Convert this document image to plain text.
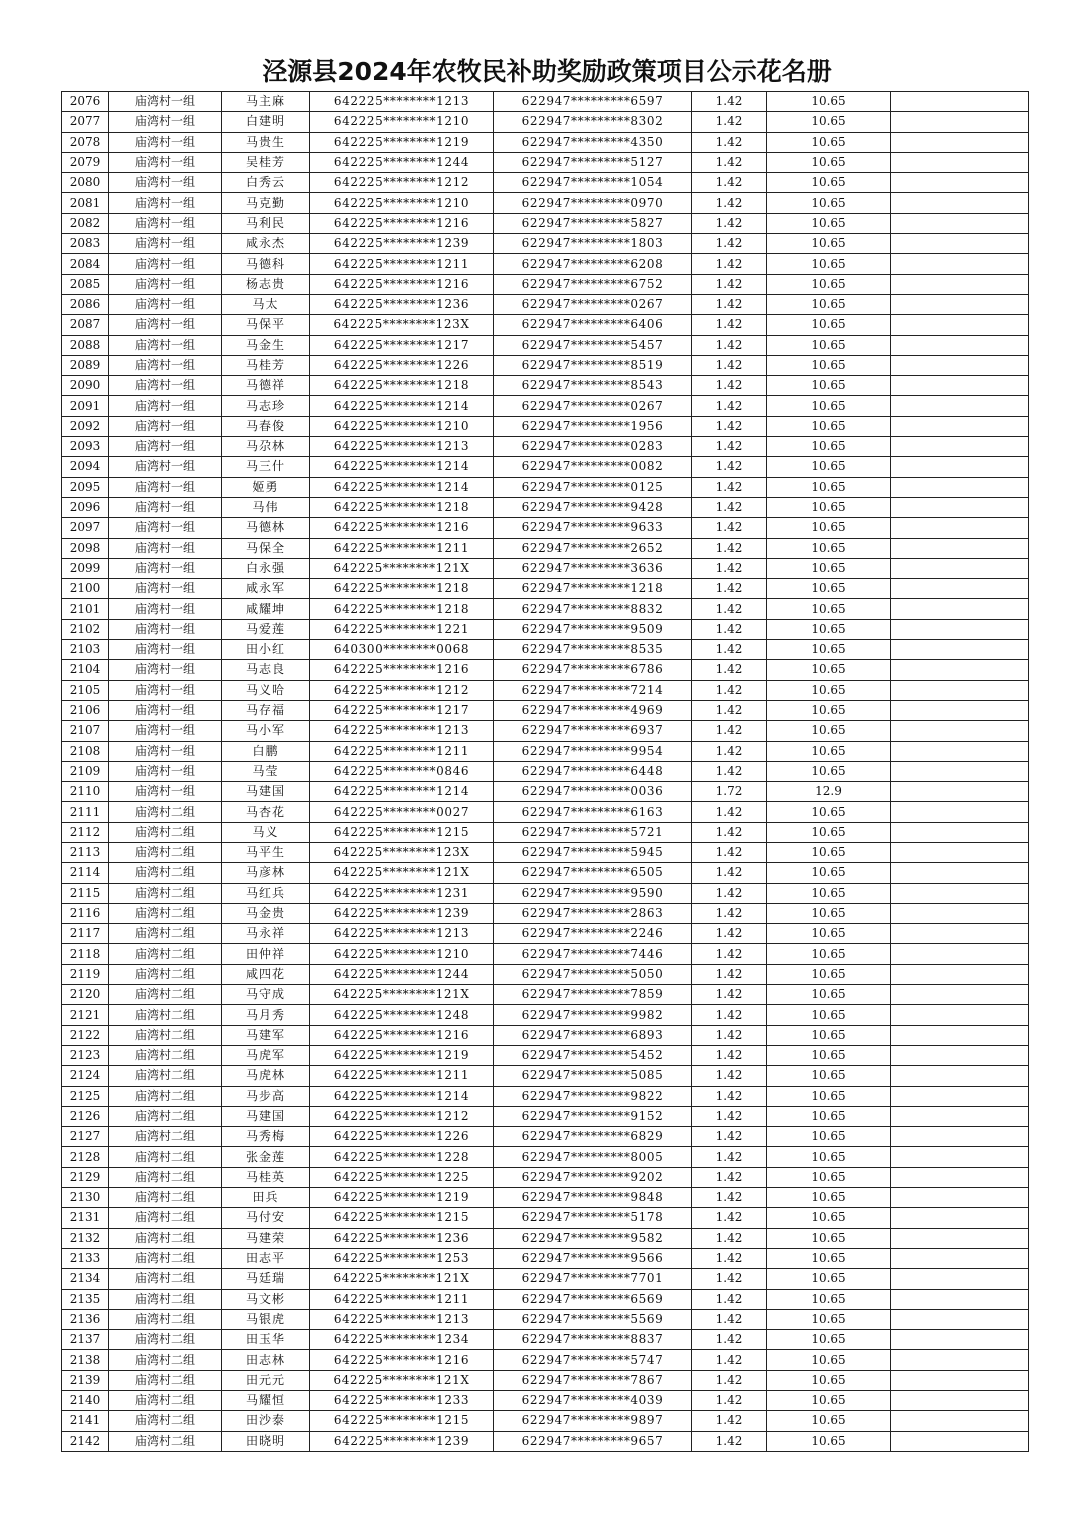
泾源县2024年农牧民补助奖励政策项目公示花名册
2076	庙湾村一组	马主麻	642225********1213	622947*********6597	1.42	10.65	
2077	庙湾村一组	白建明	642225********1210	622947*********8302	1.42	10.65	
2078	庙湾村一组	马贵生	642225********1219	622947*********4350	1.42	10.65	
2079	庙湾村一组	吴桂芳	642225********1244	622947*********5127	1.42	10.65	
2080	庙湾村一组	白秀云	642225********1212	622947*********1054	1.42	10.65	
2081	庙湾村一组	马克勤	642225********1210	622947*********0970	1.42	10.65	
2082	庙湾村一组	马利民	642225********1216	622947*********5827	1.42	10.65	
2083	庙湾村一组	咸永杰	642225********1239	622947*********1803	1.42	10.65	
2084	庙湾村一组	马德科	642225********1211	622947*********6208	1.42	10.65	
2085	庙湾村一组	杨志贵	642225********1216	622947*********6752	1.42	10.65	
2086	庙湾村一组	马太	642225********1236	622947*********0267	1.42	10.65	
2087	庙湾村一组	马保平	642225********123X	622947*********6406	1.42	10.65	
2088	庙湾村一组	马金生	642225********1217	622947*********5457	1.42	10.65	
2089	庙湾村一组	马桂芳	642225********1226	622947*********8519	1.42	10.65	
2090	庙湾村一组	马德祥	642225********1218	622947*********8543	1.42	10.65	
2091	庙湾村一组	马志珍	642225********1214	622947*********0267	1.42	10.65	
2092	庙湾村一组	马春俊	642225********1210	622947*********1956	1.42	10.65	
2093	庙湾村一组	马尕林	642225********1213	622947*********0283	1.42	10.65	
2094	庙湾村一组	马三什	642225********1214	622947*********0082	1.42	10.65	
2095	庙湾村一组	姬勇	642225********1214	622947*********0125	1.42	10.65	
2096	庙湾村一组	马伟	642225********1218	622947*********9428	1.42	10.65	
2097	庙湾村一组	马德林	642225********1216	622947*********9633	1.42	10.65	
2098	庙湾村一组	马保全	642225********1211	622947*********2652	1.42	10.65	
2099	庙湾村一组	白永强	642225********121X	622947*********3636	1.42	10.65	
2100	庙湾村一组	咸永军	642225********1218	622947*********1218	1.42	10.65	
2101	庙湾村一组	咸耀坤	642225********1218	622947*********8832	1.42	10.65	
2102	庙湾村一组	马爱莲	642225********1221	622947*********9509	1.42	10.65	
2103	庙湾村一组	田小红	640300********0068	622947*********8535	1.42	10.65	
2104	庙湾村一组	马志良	642225********1216	622947*********6786	1.42	10.65	
2105	庙湾村一组	马义哈	642225********1212	622947*********7214	1.42	10.65	
2106	庙湾村一组	马存福	642225********1217	622947*********4969	1.42	10.65	
2107	庙湾村一组	马小军	642225********1213	622947*********6937	1.42	10.65	
2108	庙湾村一组	白鹏	642225********1211	622947*********9954	1.42	10.65	
2109	庙湾村一组	马莹	642225********0846	622947*********6448	1.42	10.65	
2110	庙湾村一组	马建国	642225********1214	622947*********0036	1.72	12.9	
2111	庙湾村二组	马杏花	642225********0027	622947*********6163	1.42	10.65	
2112	庙湾村二组	马义	642225********1215	622947*********5721	1.42	10.65	
2113	庙湾村二组	马平生	642225********123X	622947*********5945	1.42	10.65	
2114	庙湾村二组	马彦林	642225********121X	622947*********6505	1.42	10.65	
2115	庙湾村二组	马红兵	642225********1231	622947*********9590	1.42	10.65	
2116	庙湾村二组	马金贵	642225********1239	622947*********2863	1.42	10.65	
2117	庙湾村二组	马永祥	642225********1213	622947*********2246	1.42	10.65	
2118	庙湾村二组	田仲祥	642225********1210	622947*********7446	1.42	10.65	
2119	庙湾村二组	咸四花	642225********1244	622947*********5050	1.42	10.65	
2120	庙湾村二组	马守成	642225********121X	622947*********7859	1.42	10.65	
2121	庙湾村二组	马月秀	642225********1248	622947*********9982	1.42	10.65	
2122	庙湾村二组	马建军	642225********1216	622947*********6893	1.42	10.65	
2123	庙湾村二组	马虎军	642225********1219	622947*********5452	1.42	10.65	
2124	庙湾村二组	马虎林	642225********1211	622947*********5085	1.42	10.65	
2125	庙湾村二组	马步高	642225********1214	622947*********9822	1.42	10.65	
2126	庙湾村二组	马建国	642225********1212	622947*********9152	1.42	10.65	
2127	庙湾村二组	马秀梅	642225********1226	622947*********6829	1.42	10.65	
2128	庙湾村二组	张金莲	642225********1228	622947*********8005	1.42	10.65	
2129	庙湾村二组	马桂英	642225********1225	622947*********9202	1.42	10.65	
2130	庙湾村二组	田兵	642225********1219	622947*********9848	1.42	10.65	
2131	庙湾村二组	马付安	642225********1215	622947*********5178	1.42	10.65	
2132	庙湾村二组	马建荣	642225********1236	622947*********9582	1.42	10.65	
2133	庙湾村二组	田志平	642225********1253	622947*********9566	1.42	10.65	
2134	庙湾村二组	马廷瑞	642225********121X	622947*********7701	1.42	10.65	
2135	庙湾村二组	马文彬	642225********1211	622947*********6569	1.42	10.65	
2136	庙湾村二组	马银虎	642225********1213	622947*********5569	1.42	10.65	
2137	庙湾村二组	田玉华	642225********1234	622947*********8837	1.42	10.65	
2138	庙湾村二组	田志林	642225********1216	622947*********5747	1.42	10.65	
2139	庙湾村二组	田元元	642225********121X	622947*********7867	1.42	10.65	
2140	庙湾村二组	马耀恒	642225********1233	622947*********4039	1.42	10.65	
2141	庙湾村二组	田沙泰	642225********1215	622947*********9897	1.42	10.65	
2142	庙湾村二组	田晓明	642225********1239	622947*********9657	1.42	10.65	
